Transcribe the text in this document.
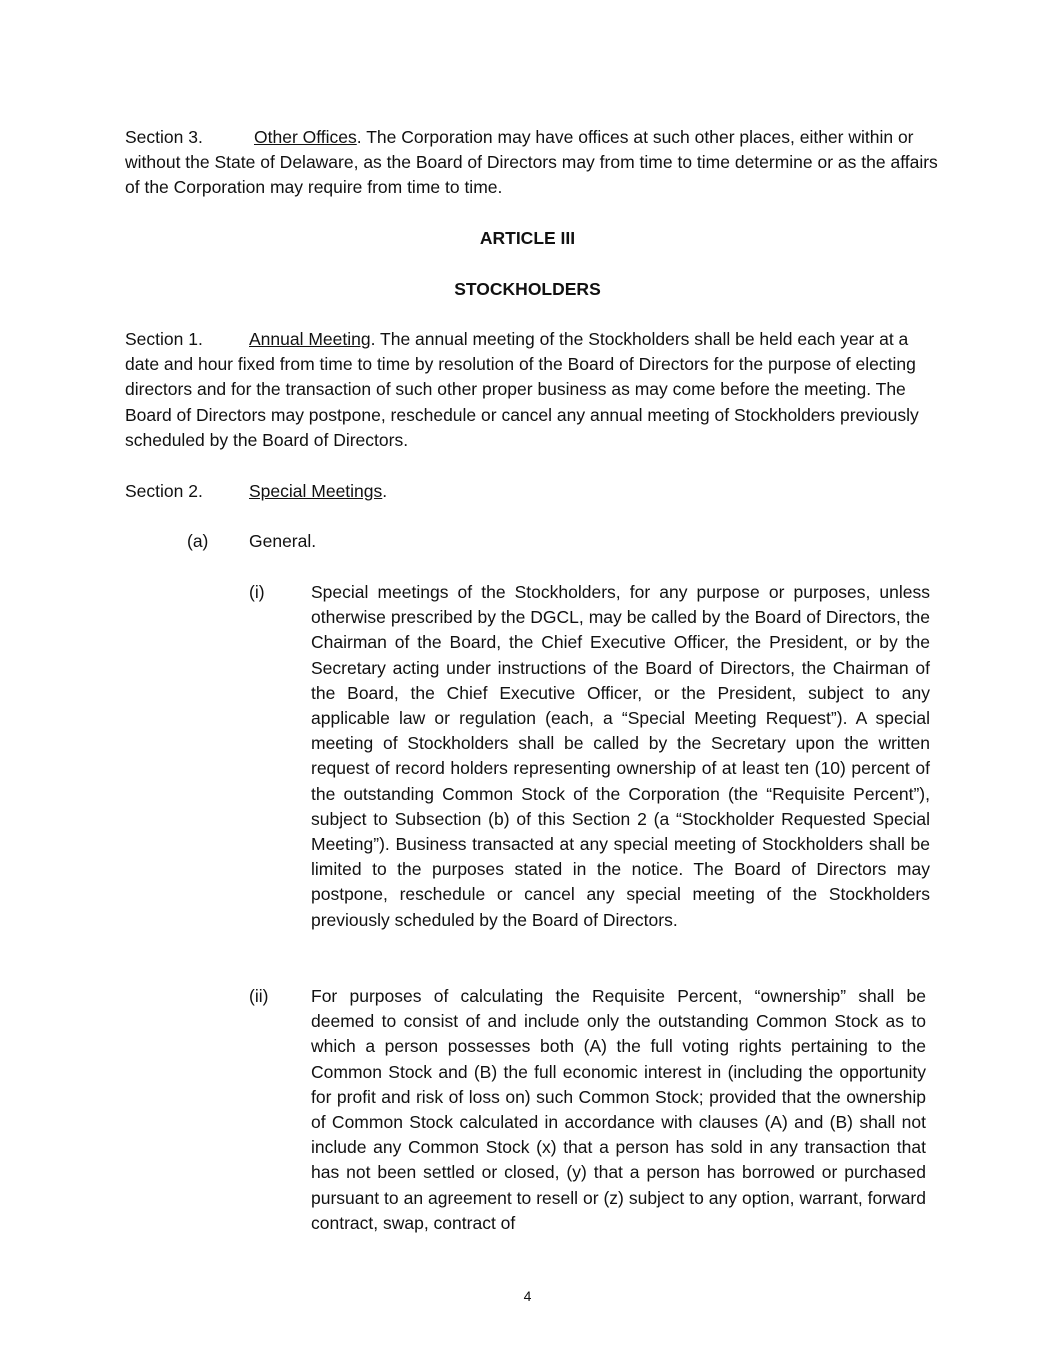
Section 3.	Other Offices. The Corporation may have offices at such other places, either within or without the State of Delaware, as the Board of Directors may from time to time determine or as the affairs of the Corporation may require from time to time.

ARTICLE III
STOCKHOLDERS
Section 1.	Annual Meeting. The annual meeting of the Stockholders shall be held each year at a date and hour fixed from time to time by resolution of the Board of Directors for the purpose of electing directors and for the transaction of such other proper business as may come before the meeting. The Board of Directors may postpone, reschedule or cancel any annual meeting of Stockholders previously scheduled by the Board of Directors.

Section 2.	Special Meetings.

(a) General.
(i)	Special meetings of the Stockholders, for any purpose or purposes, unless otherwise prescribed by the DGCL, may be called by the Board of Directors, the Chairman of the Board, the Chief Executive Officer, the President, or by the Secretary acting under instructions of the Board of Directors, the Chairman of the Board, the Chief Executive Officer, or the President, subject to any applicable law or regulation (each, a “Special Meeting Request”). A special meeting of Stockholders shall be called by the Secretary upon the written request of record holders representing ownership of at least ten (10) percent of the outstanding Common Stock of the Corporation (the “Requisite Percent”), subject to Subsection (b) of this Section 2 (a “Stockholder Requested Special Meeting”). Business transacted at any special meeting of Stockholders shall be limited to the purposes stated in the notice. The Board of Directors may postpone, reschedule or cancel any special meeting of the Stockholders previously scheduled by the Board of Directors.

(ii) For purposes of calculating the Requisite Percent, “ownership” shall be deemed to consist of and include only the outstanding Common Stock as to which a person possesses both (A) the full voting rights pertaining to the Common Stock and (B) the full economic interest in (including the opportunity for profit and risk of loss on) such Common Stock; provided that the ownership of Common Stock calculated in accordance with clauses (A) and (B) shall not include any Common Stock (x) that a person has sold in any transaction that has not been settled or closed, (y) that a person has borrowed or purchased pursuant to an agreement to resell or (z) subject to any option, warrant, forward contract, swap, contract of

4
